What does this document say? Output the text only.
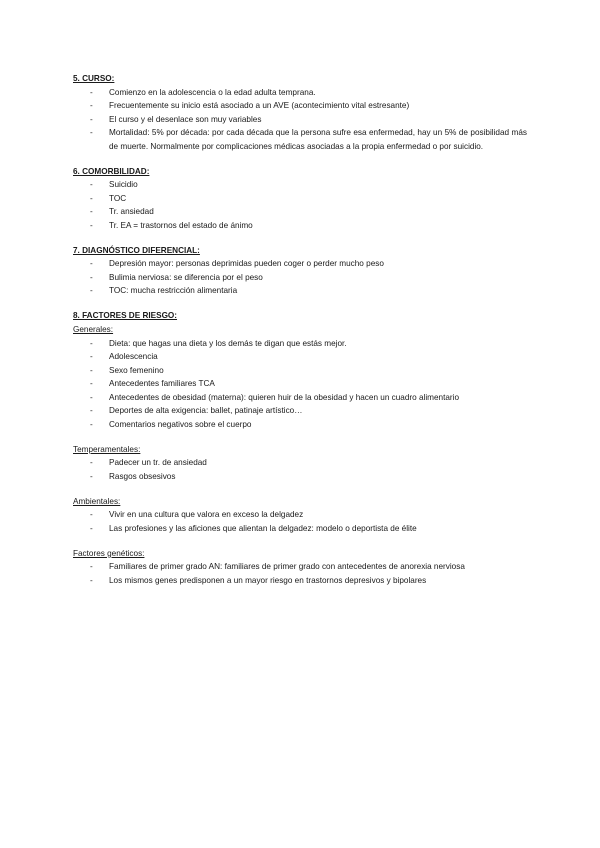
5. CURSO:

- Comienzo en la adolescencia o la edad adulta temprana.
- Frecuentemente su inicio está asociado a un AVE (acontecimiento vital estresante)
- El curso y el desenlace son muy variables
- Mortalidad: 5% por década: por cada década que la persona sufre esa enfermedad, hay un 5% de posibilidad más de muerte. Normalmente por complicaciones médicas asociadas a la propia enfermedad o por suicidio.

6. COMORBILIDAD:

- Suicidio
- TOC
- Tr. ansiedad
- Tr. EA = trastornos del estado de ánimo

7. DIAGNÓSTICO DIFERENCIAL:

- Depresión mayor: personas deprimidas pueden coger o perder mucho peso
- Bulimia nerviosa: se diferencia por el peso
- TOC: mucha restricción alimentaria

8. FACTORES DE RIESGO:

Generales:

- Dieta: que hagas una dieta y los demás te digan que estás mejor.
- Adolescencia
- Sexo femenino
- Antecedentes familiares TCA
- Antecedentes de obesidad (materna): quieren huir de la obesidad y hacen un cuadro alimentario
- Deportes de alta exigencia: ballet, patinaje artístico…
- Comentarios negativos sobre el cuerpo

Temperamentales:

- Padecer un tr. de ansiedad
- Rasgos obsesivos

Ambientales:

- Vivir en una cultura que valora en exceso la delgadez
- Las profesiones y las aficiones que alientan la delgadez: modelo o deportista de élite

Factores genéticos:

- Familiares de primer grado AN: familiares de primer grado con antecedentes de anorexia nerviosa
- Los mismos genes predisponen a un mayor riesgo en trastornos depresivos y bipolares
